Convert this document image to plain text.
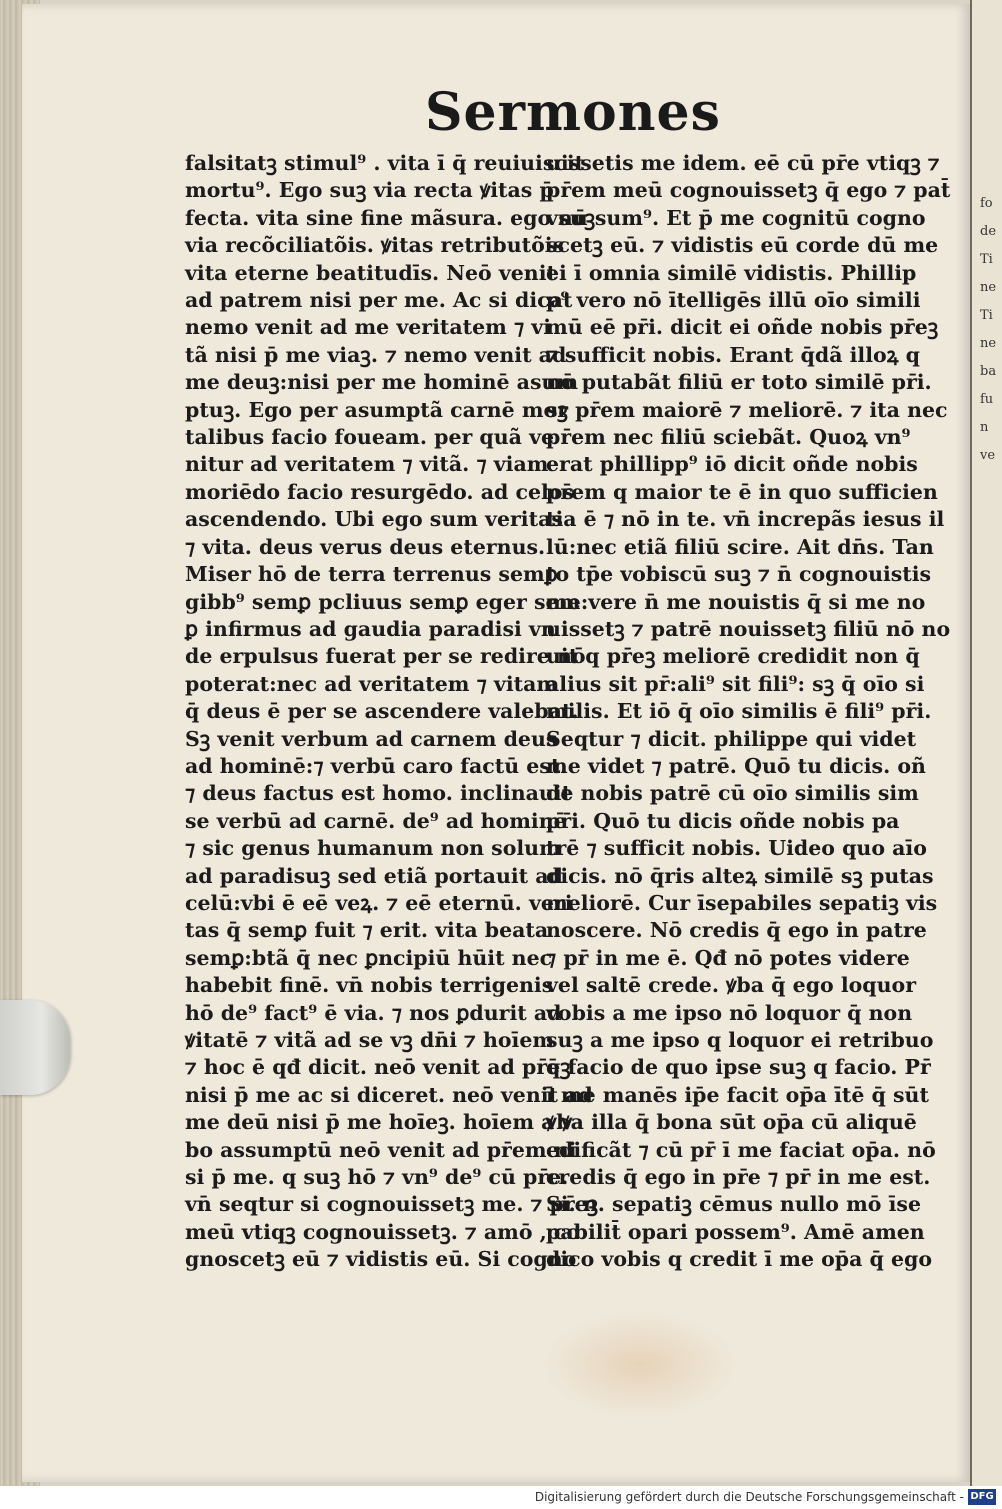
fo
de
Ti
ne
Ti
ne
ba
fu
n
ve
Sermones
falsitatꝫ stimul⁹ . vita ī q̄ reuiuiscit
mortu⁹. Ego suꝫ via recta ꝟitas p̄
fecta. vita sine fine mãsura. ego suꝫ
via recõciliatõis. ꝟitas retributõis
vita eterne beatitudīs. Neō venit
ad patrem nisi per me. Ac si dicat
nemo venit ad me veritatem ⁊ vi
tã nisi p̄ me viaꝫ. ⁊ nemo venit ad
me deuꝫ:nisi per me hominē asum
ptuꝫ. Ego per asumptã carnē mor
talibus facio foueam. per quã ve
nitur ad veritatem ⁊ vitã. ⁊ viam
moriēdo facio resurgēdo. ad celos
ascendendo. Ubi ego sum veritas
⁊ vita. deus verus deus eternus.
Miser hō de terra terrenus semꝑ
gibb⁹ semꝑ pcliuus semꝑ eger sem
ꝑ infirmus ad gaudia paradisi vn
de erpulsus fuerat per se redire nō
poterat:nec ad veritatem ⁊ vitam
q̄ deus ē per se ascendere valebat.
Sꝫ venit verbum ad carnem deus
ad hominē:⁊ verbū caro factū est.
⁊ deus factus est homo. inclinauit
se verbū ad carnē. de⁹ ad hominē
⁊ sic genus humanum non solum
ad paradisuꝫ sed etiã portauit ad
celū:vbi ē eē veꝝ. ⁊ eē eternū. veri
tas q̄ semꝑ fuit ⁊ erit. vita beata
semꝑ:btã q̄ nec ꝑncipiū hūit nec
habebit finē. vn̄ nobis terrigenis
hō de⁹ fact⁹ ē via. ⁊ nos ꝑdurit ad
ꝟitatē ⁊ vitã ad se vꝫ dn̄i ⁊ hoīem
⁊ hoc ē qđ dicit. neō venit ad pr̄eꝫ
nisi p̄ me ac si diceret. neō venit ad
me deū nisi p̄ me hoīeꝫ. hoīem a ꝟ
bo assumptū neō venit ad pr̄em ni
si p̄ me. q suꝫ hō ⁊ vn⁹ de⁹ cū pr̄e.
vn̄ seqtur si cognouissetꝫ me. ⁊ pr̄eꝫ
meū vtiqꝫ cognouissetꝫ. ⁊ amō , co
gnoscetꝫ eū ⁊ vidistis eū. Si cogno
uissetis me idem. eē cū pr̄e vtiqꝫ ⁊
pr̄em meū cognouissetꝫ q̄ ego ⁊ pat̄
vnū sum⁹. Et p̄ me cognitū cogno
scetꝫ eū. ⁊ vidistis eū corde dū me
ei ī omnia similē vidistis. Phillip
p⁹ vero nō ītelligēs illū oīo simili
mū eē pr̄i. dicit ei oñde nobis pr̄eꝫ
⁊ sufficit nobis. Erant q̄dã illoꝝ q
nō putabãt filiū er toto similē pr̄i.
sꝫ pr̄em maiorē ⁊ meliorē. ⁊ ita nec
pr̄em nec filiū sciebãt. Quoꝝ vn⁹
erat phillipp⁹ iō dicit oñde nobis
pr̄em q maior te ē in quo sufficien
tia ē ⁊ nō in te. vn̄ increpãs iesus il
lū:nec etiã filiū scire. Ait dn̄s. Tan
to tp̄e vobiscū suꝫ ⁊ n̄ cognouistis
me:vere n̄ me nouistis q̄ si me no
uissetꝫ ⁊ patrē nouissetꝫ filiū nō no
uit q pr̄eꝫ meliorē credidit non q̄
alius sit pr̄:ali⁹ sit fili⁹: sꝫ q̄ oīo si
milis. Et iō q̄ oīo similis ē fili⁹ pr̄i.
Seqtur ⁊ dicit. philippe qui videt
me videt ⁊ patrē. Quō tu dicis. oñ
de nobis patrē cū oīo similis sim
pr̄i. Quō tu dicis oñde nobis pa
trē ⁊ sufficit nobis. Uideo quo aīo
dicis. nō q̄ris alteꝝ similē sꝫ putas
meliorē. Cur īsepabiles sepatiꝫ vis
noscere. Nō credis q̄ ego in patre
⁊ pr̄ in me ē. Qđ nō potes videre
vel saltē crede. ꝟba q̄ ego loquor
vobis a me ipso nō loquor q̄ non
suꝫ a me ipso q loquor ei retribuo
q̄ facio de quo ipse suꝫ q facio. Pr̄
ī me manēs ip̄e facit op̄a ītē q̄ sūt
ꝟba illa q̄ bona sūt op̄a cū aliquē
edificãt ⁊ cū pr̄ ī me faciat op̄a. nō
credis q̄ ego in pr̄e ⁊ pr̄ in me est.
Si. n. sepatiꝫ cēmus nullo mō īse
pabilit̄ opari possem⁹. Amē amen
dico vobis q credit ī me op̄a q̄ ego
Digitalisierung gefördert durch die Deutsche Forschungsgemeinschaft - DFG
